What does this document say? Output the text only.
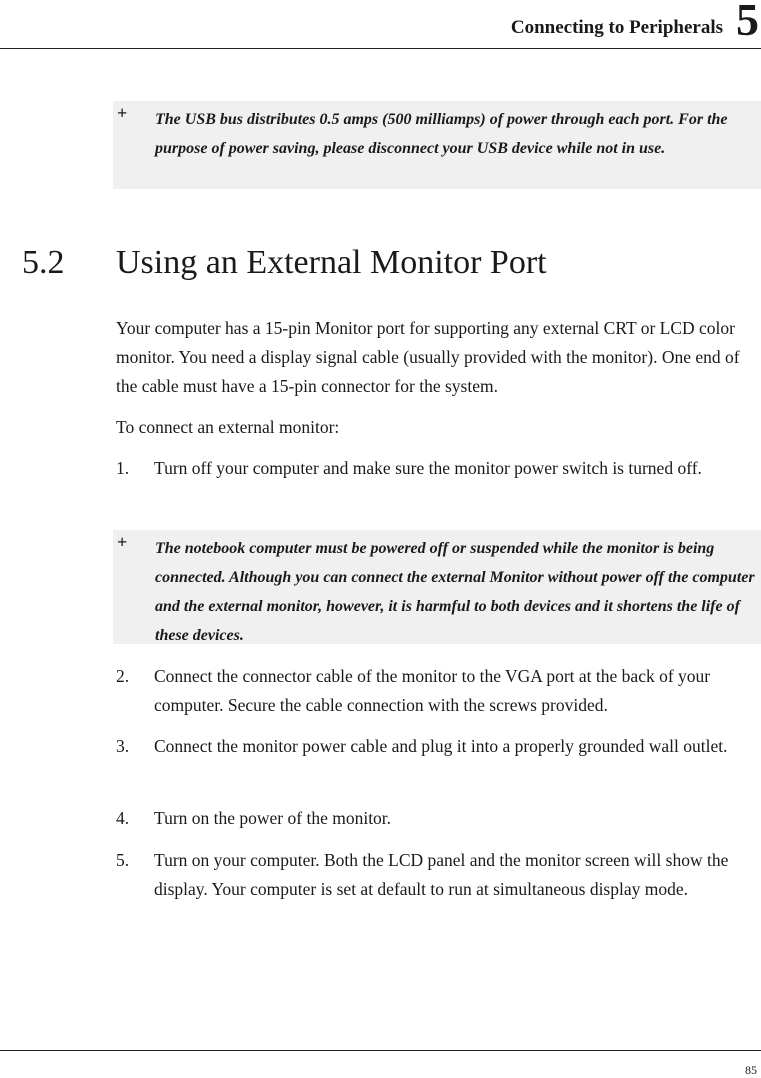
Connecting to Peripherals 5
+ The USB bus distributes 0.5 amps (500 milliamps) of power through each port. For the purpose of power saving, please disconnect your USB device while not in use.
5.2 Using an External Monitor Port
Your computer has a 15-pin Monitor port for supporting any external CRT or LCD color monitor. You need a display signal cable (usually provided with the monitor). One end of the cable must have a 15-pin connector for the system.
To connect an external monitor:
1. Turn off your computer and make sure the monitor power switch is turned off.
+ The notebook computer must be powered off or suspended while the monitor is being connected. Although you can connect the external Monitor without power off the computer and the external monitor, however, it is harmful to both devices and it shortens the life of these devices.
2. Connect the connector cable of the monitor to the VGA port at the back of your computer. Secure the cable connection with the screws provided.
3. Connect the monitor power cable and plug it into a properly grounded wall outlet.
4. Turn on the power of the monitor.
5. Turn on your computer. Both the LCD panel and the monitor screen will show the display. Your computer is set at default to run at simultaneous display mode.
85
